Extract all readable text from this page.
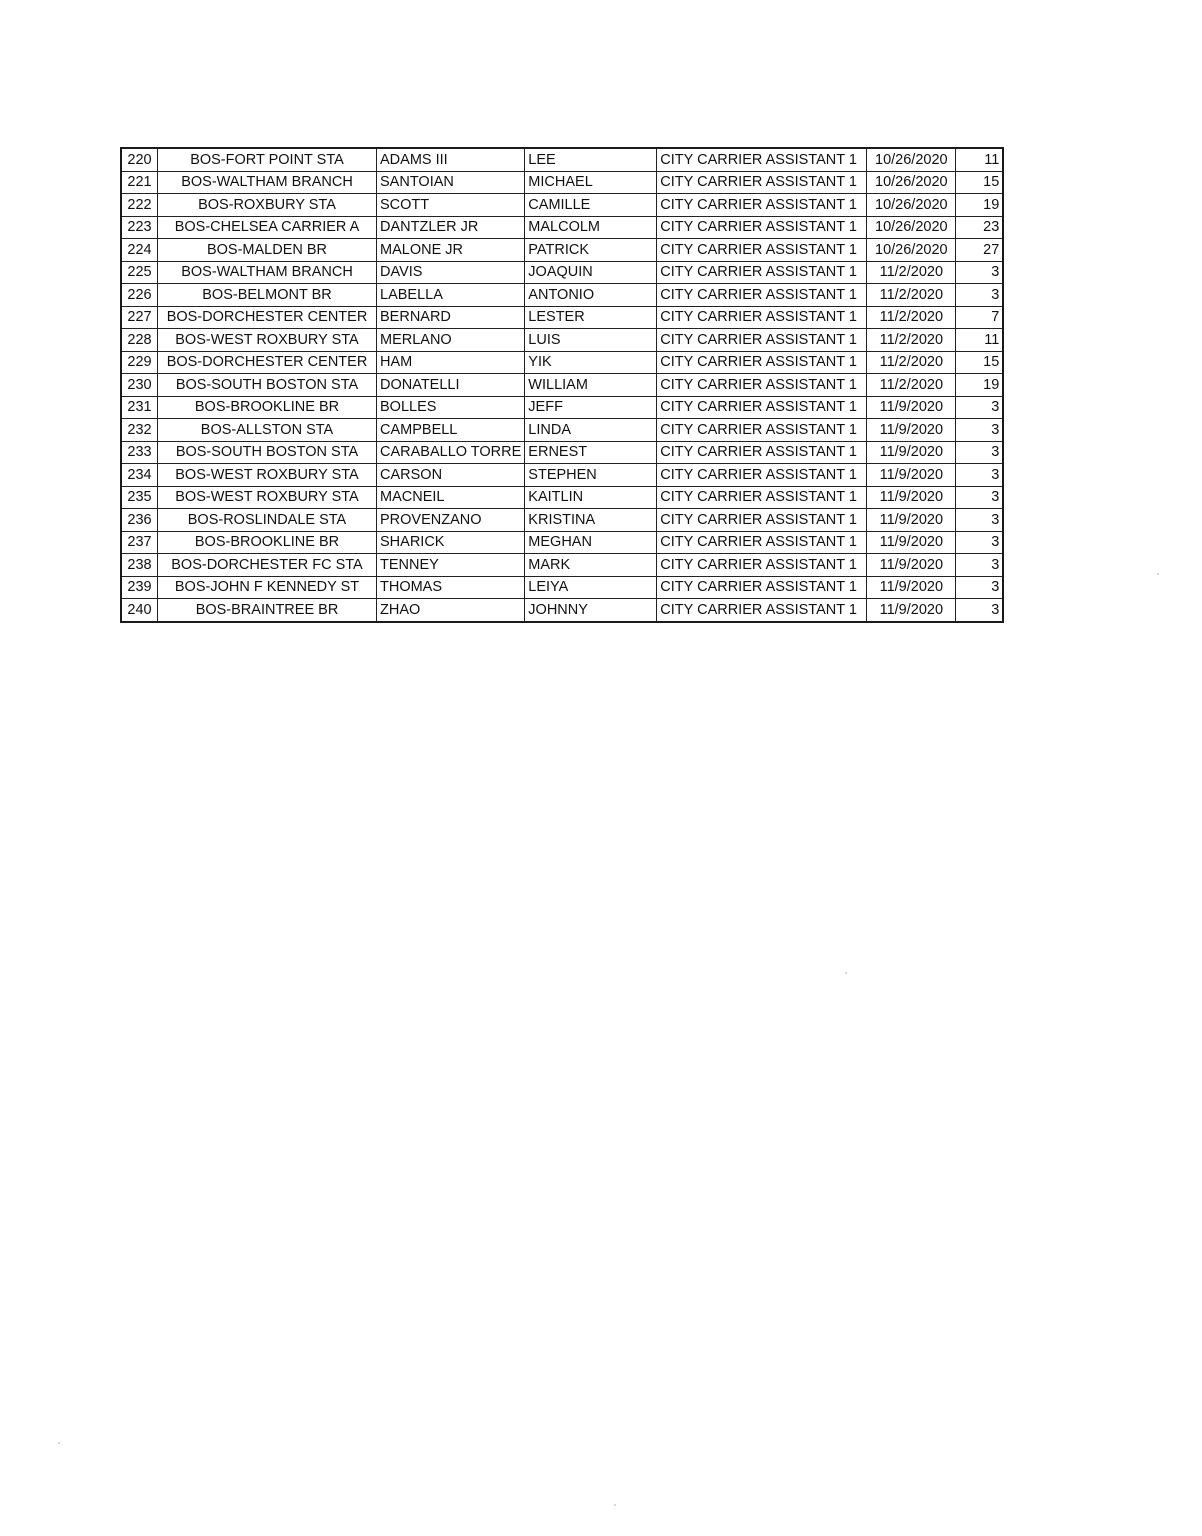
220	BOS-FORT POINT STA	ADAMS III	LEE	CITY CARRIER ASSISTANT 1	10/26/2020	11
221	BOS-WALTHAM BRANCH	SANTOIAN	MICHAEL	CITY CARRIER ASSISTANT 1	10/26/2020	15
222	BOS-ROXBURY STA	SCOTT	CAMILLE	CITY CARRIER ASSISTANT 1	10/26/2020	19
223	BOS-CHELSEA CARRIER A	DANTZLER JR	MALCOLM	CITY CARRIER ASSISTANT 1	10/26/2020	23
224	BOS-MALDEN BR	MALONE JR	PATRICK	CITY CARRIER ASSISTANT 1	10/26/2020	27
225	BOS-WALTHAM BRANCH	DAVIS	JOAQUIN	CITY CARRIER ASSISTANT 1	11/2/2020	3
226	BOS-BELMONT BR	LABELLA	ANTONIO	CITY CARRIER ASSISTANT 1	11/2/2020	3
227	BOS-DORCHESTER CENTER	BERNARD	LESTER	CITY CARRIER ASSISTANT 1	11/2/2020	7
228	BOS-WEST ROXBURY STA	MERLANO	LUIS	CITY CARRIER ASSISTANT 1	11/2/2020	11
229	BOS-DORCHESTER CENTER	HAM	YIK	CITY CARRIER ASSISTANT 1	11/2/2020	15
230	BOS-SOUTH BOSTON STA	DONATELLI	WILLIAM	CITY CARRIER ASSISTANT 1	11/2/2020	19
231	BOS-BROOKLINE BR	BOLLES	JEFF	CITY CARRIER ASSISTANT 1	11/9/2020	3
232	BOS-ALLSTON STA	CAMPBELL	LINDA	CITY CARRIER ASSISTANT 1	11/9/2020	3
233	BOS-SOUTH BOSTON STA	CARABALLO TORRE	ERNEST	CITY CARRIER ASSISTANT 1	11/9/2020	3
234	BOS-WEST ROXBURY STA	CARSON	STEPHEN	CITY CARRIER ASSISTANT 1	11/9/2020	3
235	BOS-WEST ROXBURY STA	MACNEIL	KAITLIN	CITY CARRIER ASSISTANT 1	11/9/2020	3
236	BOS-ROSLINDALE STA	PROVENZANO	KRISTINA	CITY CARRIER ASSISTANT 1	11/9/2020	3
237	BOS-BROOKLINE BR	SHARICK	MEGHAN	CITY CARRIER ASSISTANT 1	11/9/2020	3
238	BOS-DORCHESTER FC STA	TENNEY	MARK	CITY CARRIER ASSISTANT 1	11/9/2020	3
239	BOS-JOHN F KENNEDY ST	THOMAS	LEIYA	CITY CARRIER ASSISTANT 1	11/9/2020	3
240	BOS-BRAINTREE BR	ZHAO	JOHNNY	CITY CARRIER ASSISTANT 1	11/9/2020	3
